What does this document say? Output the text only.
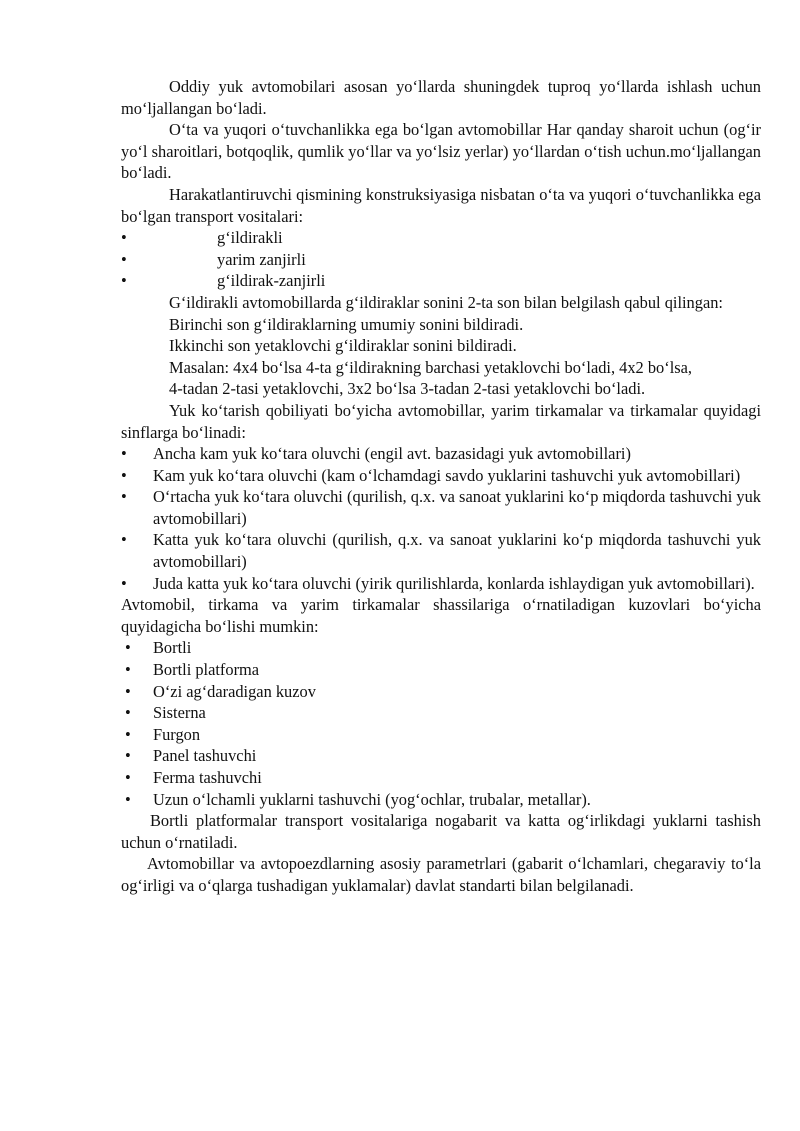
Oddiy yuk avtomobilari asosan yo‘llarda shuningdek tuproq yo‘llarda ishlash uchun mo‘ljallangan bo‘ladi.

O‘ta va yuqori o‘tuvchanlikka ega bo‘lgan avtomobillar Har qanday sharoit uchun (og‘ir yo‘l sharoitlari, botqoqlik, qumlik yo‘llar va yo‘lsiz yerlar) yo‘llardan o‘tish uchun.mo‘ljallangan bo‘ladi.

Harakatlantiruvchi qismining konstruksiyasiga nisbatan o‘ta va yuqori o‘tuvchanlikka ega bo‘lgan transport vositalari:

•	g‘ildirakli
•	yarim zanjirli
•	g‘ildirak-zanjirli

G‘ildirakli avtomobillarda g‘ildiraklar sonini 2-ta son bilan belgilash qabul qilingan:

Birinchi son g‘ildiraklarning umumiy sonini bildiradi.

Ikkinchi son yetaklovchi g‘ildiraklar sonini bildiradi.

Masalan: 4x4 bo‘lsa 4-ta g‘ildirakning barchasi yetaklovchi bo‘ladi, 4x2 bo‘lsa,

4-tadan 2-tasi yetaklovchi, 3x2 bo‘lsa 3-tadan 2-tasi yetaklovchi bo‘ladi.

Yuk ko‘tarish qobiliyati bo‘yicha avtomobillar, yarim tirkamalar va tirkamalar quyidagi sinflarga bo‘linadi:

•	Ancha kam yuk ko‘tara oluvchi (engil avt. bazasidagi yuk avtomobillari)
•	Kam yuk ko‘tara oluvchi (kam o‘lchamdagi savdo yuklarini tashuvchi yuk avtomobillari)
•	O‘rtacha yuk ko‘tara oluvchi (qurilish, q.x. va sanoat yuklarini ko‘p miqdorda tashuvchi yuk avtomobillari)
•	Katta yuk ko‘tara oluvchi (qurilish, q.x. va sanoat yuklarini ko‘p miqdorda tashuvchi yuk avtomobillari)
•	Juda katta yuk ko‘tara oluvchi (yirik qurilishlarda, konlarda ishlaydigan yuk avtomobillari).

Avtomobil, tirkama va yarim tirkamalar shassilariga o‘rnatiladigan kuzovlari bo‘yicha quyidagicha bo‘lishi mumkin:

•	Bortli
•	Bortli platforma
•	O‘zi ag‘daradigan kuzov
•	Sisterna
•	Furgon
•	Panel tashuvchi
•	Ferma tashuvchi
•	Uzun o‘lchamli yuklarni tashuvchi (yog‘ochlar, trubalar, metallar).

Bortli platformalar transport vositalariga nogabarit va katta og‘irlikdagi yuklarni tashish uchun o‘rnatiladi.

Avtomobillar va avtopoezdlarning asosiy parametrlari (gabarit o‘lchamlari, chegaraviy to‘la og‘irligi va o‘qlarga tushadigan yuklamalar) davlat standarti bilan belgilanadi.
